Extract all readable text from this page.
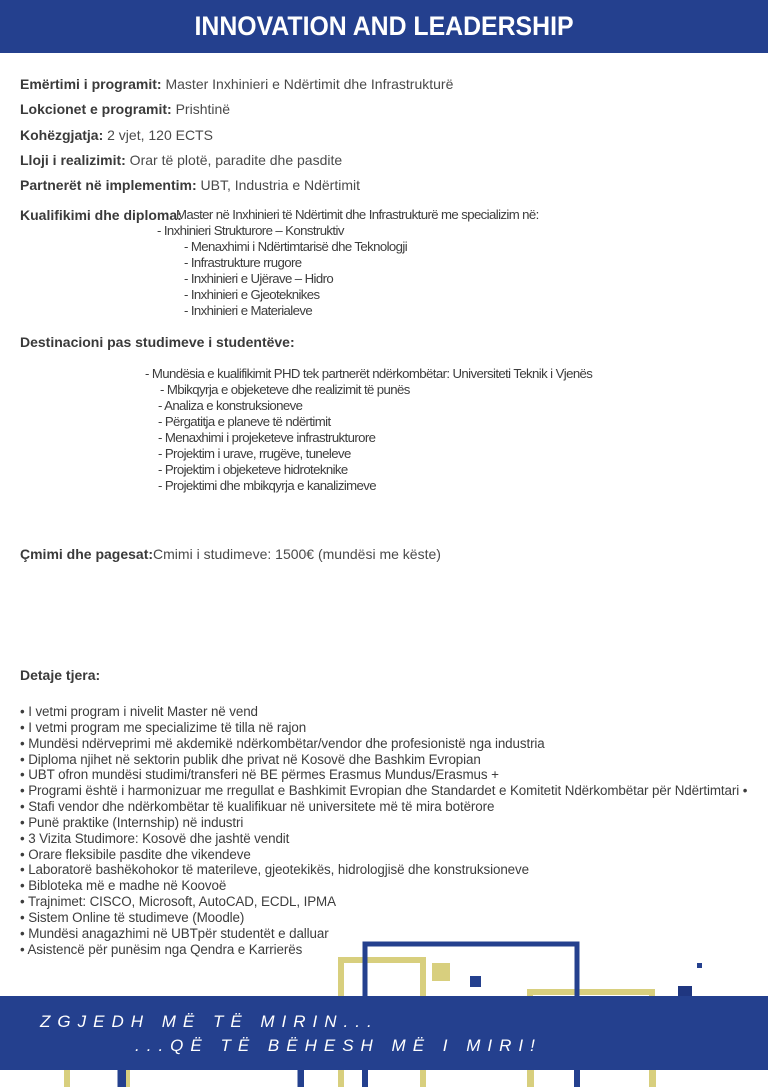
INNOVATION AND LEADERSHIP
Emërtimi i programit: Master Inxhinieri e Ndërtimit dhe Infrastrukturë
Lokcionet e programit: Prishtinë
Kohëzgjatja: 2 vjet, 120 ECTS
Lloji i realizimit: Orar të plotë, paradite dhe pasdite
Partnerët në implementim: UBT, Industria e Ndërtimit
Kualifikimi dhe diploma:
Master në Inxhinieri të Ndërtimit dhe Infrastrukturë me specializim në:
- Inxhinieri Strukturore – Konstruktiv
- Menaxhimi i Ndërtimtarisë dhe Teknologji
- Infrastrukture rrugore
- Inxhinieri e Ujërave – Hidro
- Inxhinieri e Gjeoteknikes
- Inxhinieri e Materialeve
Destinacioni pas studimeve i studentëve:
- Mundësia e kualifikimit PHD tek partnerët ndërkombëtar: Universiteti Teknik i Vjenës
- Mbikqyrja e objeketeve dhe realizimit të punës
- Analiza e konstruksioneve
- Përgatitja e planeve të ndërtimit
- Menaxhimi i projeketeve infrastrukturore
- Projektim i urave, rrugëve, tuneleve
- Projektim i objeketeve hidroteknike
- Projektimi dhe mbikqyrja e kanalizimeve
Çmimi dhe pagesat:Cmimi i studimeve: 1500€ (mundësi me këste)
Detaje tjera:
• I vetmi program i nivelit Master në vend
• I vetmi program me specializime të tilla në rajon
• Mundësi ndërveprimi më akdemikë ndërkombëtar/vendor dhe profesionistë nga industria
• Diploma njihet në sektorin publik dhe privat në Kosovë dhe Bashkim Evropian
• UBT ofron mundësi studimi/transferi në BE përmes Erasmus Mundus/Erasmus +
• Programi është i harmonizuar me rregullat e Bashkimit Evropian dhe Standardet e Komitetit Ndërkombëtar për Ndërtimtari •
• Stafi vendor dhe ndërkombëtar të kualifikuar në universitete më të mira botërore
• Punë praktike (Internship) në industri
• 3 Vizita Studimore: Kosovë dhe jashtë vendit
• Orare fleksibile pasdite dhe vikendeve
• Laboratorë bashëkohokor të materileve, gjeotekikës, hidrologjisë dhe konstruksioneve
• Bibloteka më e madhe në Koovoë
• Trajnimet: CISCO, Microsoft, AutoCAD, ECDL, IPMA
• Sistem Online të studimeve (Moodle)
• Mundësi anagazhimi në UBTpër studentët e dalluar
• Asistencë për punësim nga Qendra e Karrierës
ZGJEDH MË TË MIRIN...
...QË TË BËHESH MË I MIRI!
